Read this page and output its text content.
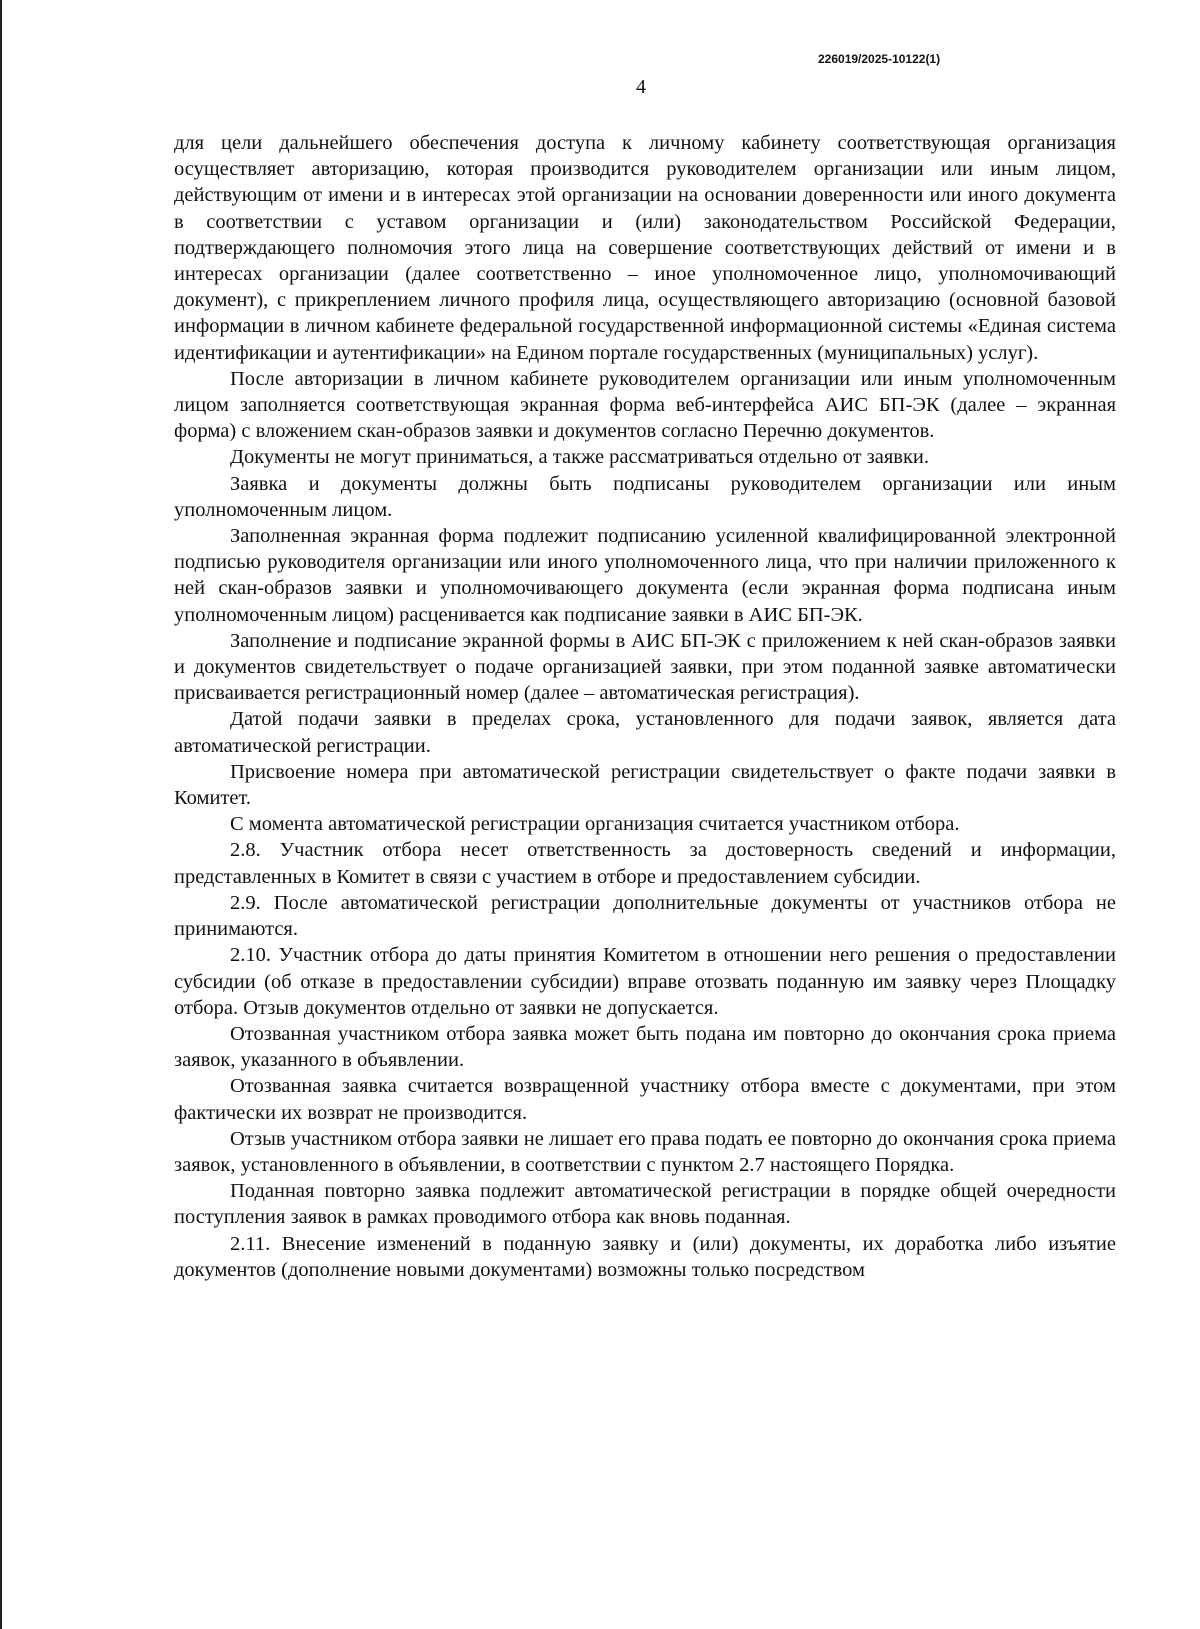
226019/2025-10122(1)
4

для цели дальнейшего обеспечения доступа к личному кабинету соответствующая организация осуществляет авторизацию, которая производится руководителем организации или иным лицом, действующим от имени и в интересах этой организации на основании доверенности или иного документа в соответствии с уставом организации и (или) законодательством Российской Федерации, подтверждающего полномочия этого лица на совершение соответствующих действий от имени и в интересах организации (далее соответственно – иное уполномоченное лицо, уполномочивающий документ), с прикреплением личного профиля лица, осуществляющего авторизацию (основной базовой информации в личном кабинете федеральной государственной информационной системы «Единая система идентификации и аутентификации» на Едином портале государственных (муниципальных) услуг).

После авторизации в личном кабинете руководителем организации или иным уполномоченным лицом заполняется соответствующая экранная форма веб-интерфейса АИС БП-ЭК (далее – экранная форма) с вложением скан-образов заявки и документов согласно Перечню документов.

Документы не могут приниматься, а также рассматриваться отдельно от заявки.

Заявка и документы должны быть подписаны руководителем организации или иным уполномоченным лицом.

Заполненная экранная форма подлежит подписанию усиленной квалифицированной электронной подписью руководителя организации или иного уполномоченного лица, что при наличии приложенного к ней скан-образов заявки и уполномочивающего документа (если экранная форма подписана иным уполномоченным лицом) расценивается как подписание заявки в АИС БП-ЭК.

Заполнение и подписание экранной формы в АИС БП-ЭК с приложением к ней скан-образов заявки и документов свидетельствует о подаче организацией заявки, при этом поданной заявке автоматически присваивается регистрационный номер (далее – автоматическая регистрация).

Датой подачи заявки в пределах срока, установленного для подачи заявок, является дата автоматической регистрации.

Присвоение номера при автоматической регистрации свидетельствует о факте подачи заявки в Комитет.

С момента автоматической регистрации организация считается участником отбора.

2.8. Участник отбора несет ответственность за достоверность сведений и информации, представленных в Комитет в связи с участием в отборе и предоставлением субсидии.

2.9. После автоматической регистрации дополнительные документы от участников отбора не принимаются.

2.10. Участник отбора до даты принятия Комитетом в отношении него решения о предоставлении субсидии (об отказе в предоставлении субсидии) вправе отозвать поданную им заявку через Площадку отбора. Отзыв документов отдельно от заявки не допускается.

Отозванная участником отбора заявка может быть подана им повторно до окончания срока приема заявок, указанного в объявлении.

Отозванная заявка считается возвращенной участнику отбора вместе с документами, при этом фактически их возврат не производится.

Отзыв участником отбора заявки не лишает его права подать ее повторно до окончания срока приема заявок, установленного в объявлении, в соответствии с пунктом 2.7 настоящего Порядка.

Поданная повторно заявка подлежит автоматической регистрации в порядке общей очередности поступления заявок в рамках проводимого отбора как вновь поданная.

2.11. Внесение изменений в поданную заявку и (или) документы, их доработка либо изъятие документов (дополнение новыми документами) возможны только посредством
